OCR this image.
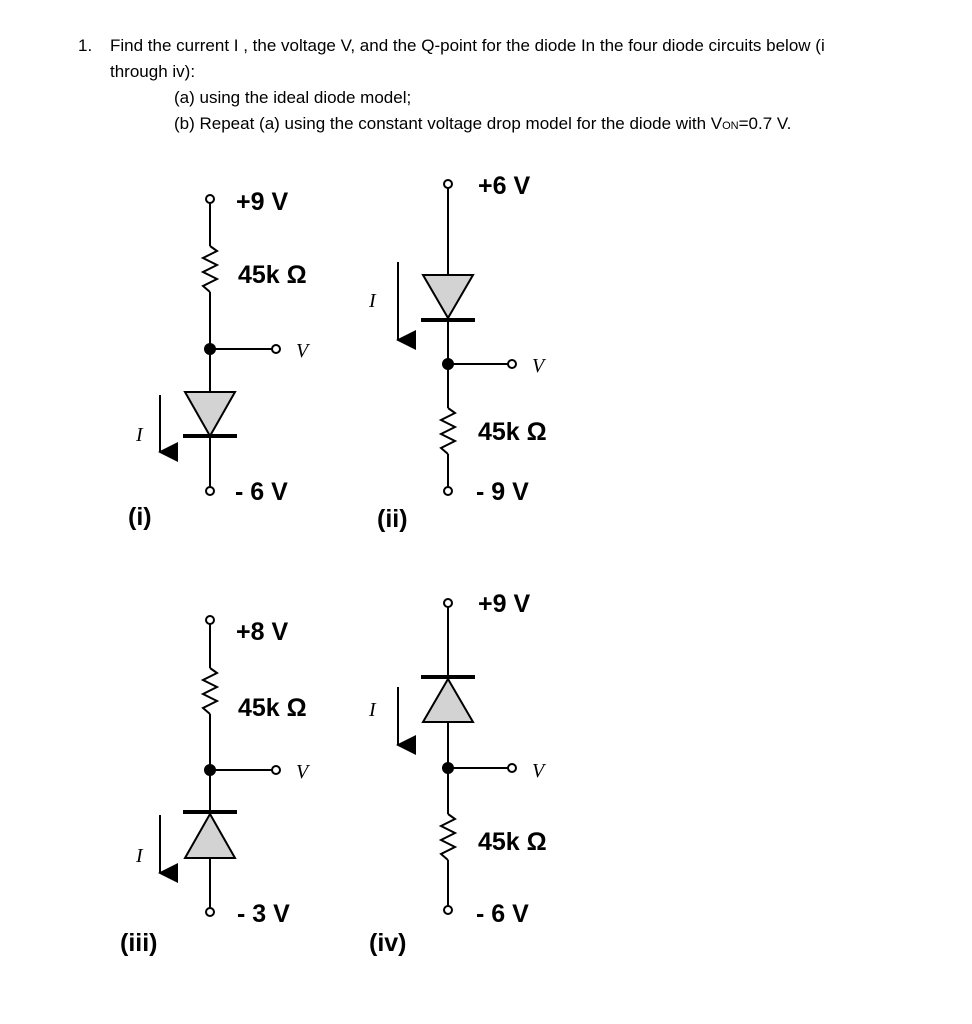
1. Find the current I , the voltage V, and the Q-point for the diode In the four diode circuits below (i
through iv):
(a) using the ideal diode model;
(b) Repeat (a) using the constant voltage drop model for the diode with VON=0.7 V.
+9 V
45k Ω
V
I
- 6 V
(i)
+6 V
I
V
45k Ω
- 9 V
(ii)
+8 V
45k Ω
V
I
- 3 V
(iii)
+9 V
I
V
45k Ω
- 6 V
(iv)
